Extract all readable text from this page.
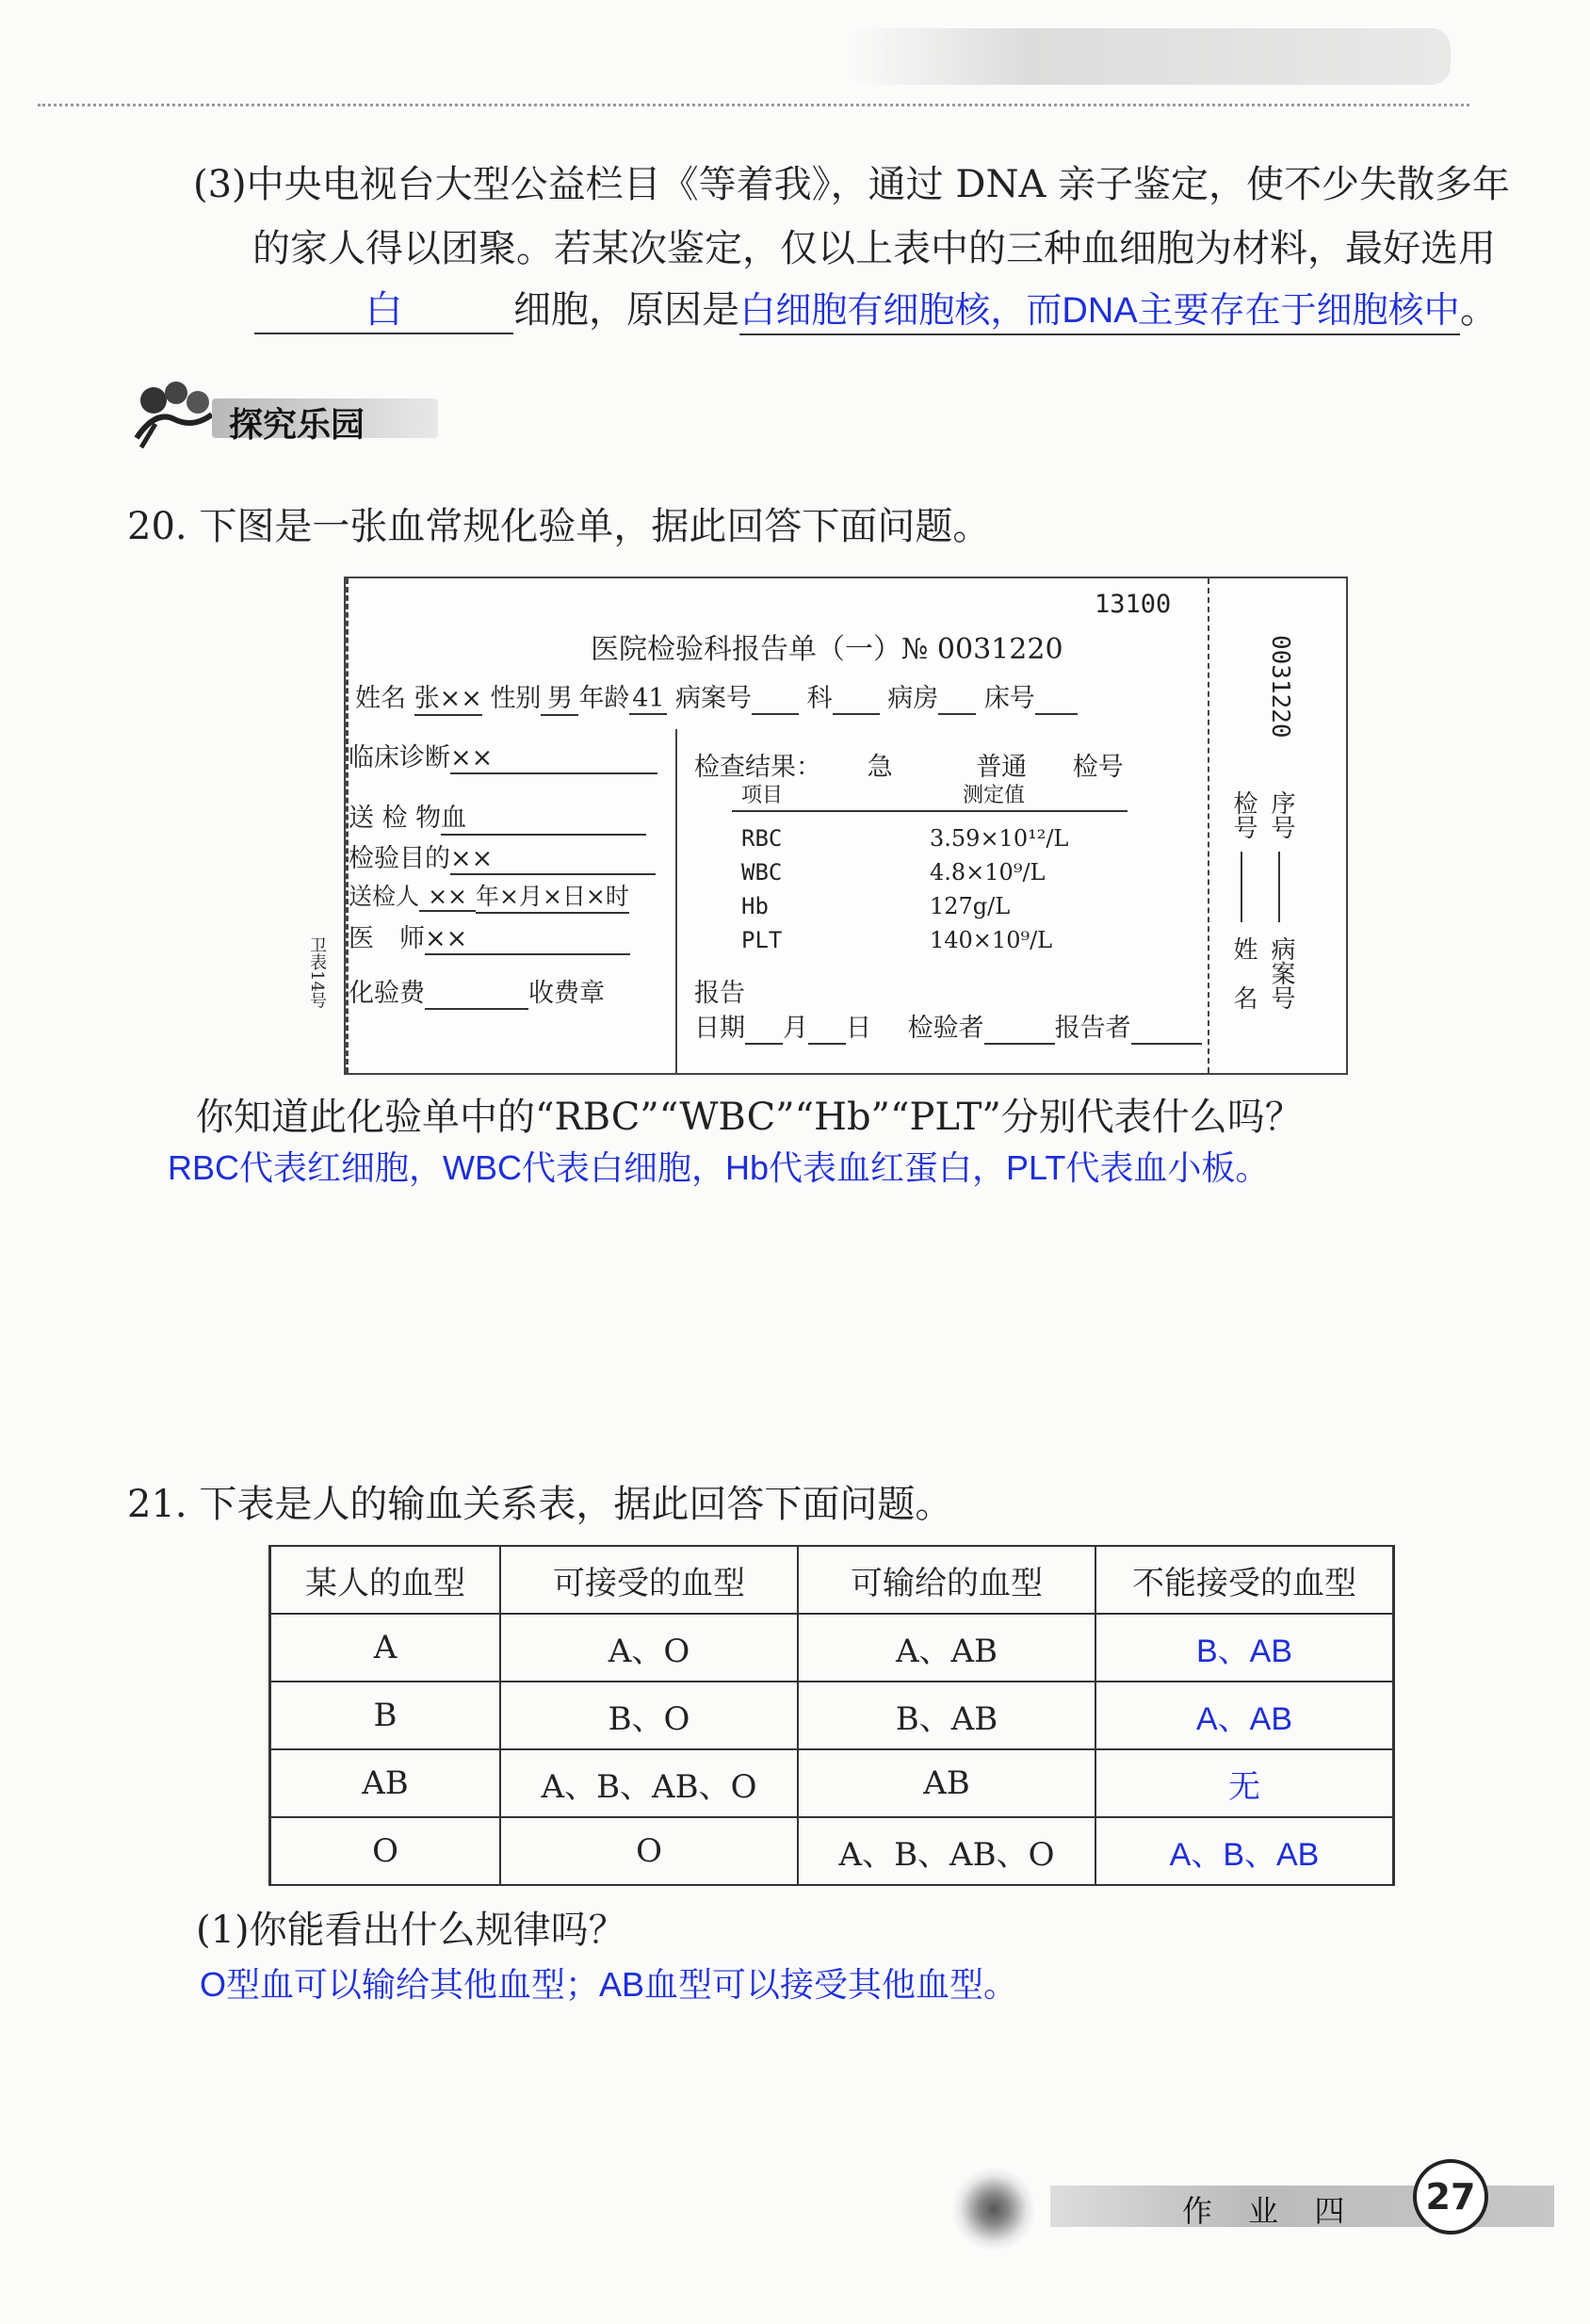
(3)中央电视台大型公益栏目《等着我》，通过 DNA 亲子鉴定，使不少失散多年
的家人得以团聚。若某次鉴定，仅以上表中的三种血细胞为材料，最好选用
白	细胞，原因是白细胞有细胞核，而DNA主要存在于细胞核中。
探究乐园
20. 下图是一张血常规化验单，据此回答下面问题。
13100
医院检验科报告单（一）№ 0031220
姓名 张×× 性别 男 年龄 41 病案号 科 病房 床号
临床诊断××
送 检 物血
检验目的××
送检人 ×× 年×月×日×时
医　师××
化验费	收费章
卫表14号
检查结果： 急	普通 检号
项目	测定值
RBC	3.59×10¹²/L
WBC	4.8×10⁹/L
Hb	127g/L
PLT	140×10⁹/L
报告
日期 月 日 检验者	报告者
0031220
检号 序号
姓　名 病案号
你知道此化验单中的“RBC”“WBC”“Hb”“PLT”分别代表什么吗？
RBC代表红细胞，WBC代表白细胞，Hb代表血红蛋白，PLT代表血小板。
21. 下表是人的输血关系表，据此回答下面问题。
某人的血型	可接受的血型	可输给的血型	不能接受的血型
A	A、O	A、AB	B、AB
B	B、O	B、AB	A、AB
AB	A、B、AB、O	AB	无
O	O	A、B、AB、O	A、B、AB
(1)你能看出什么规律吗？
O型血可以输给其他血型；AB血型可以接受其他血型。
作 业 四	27
